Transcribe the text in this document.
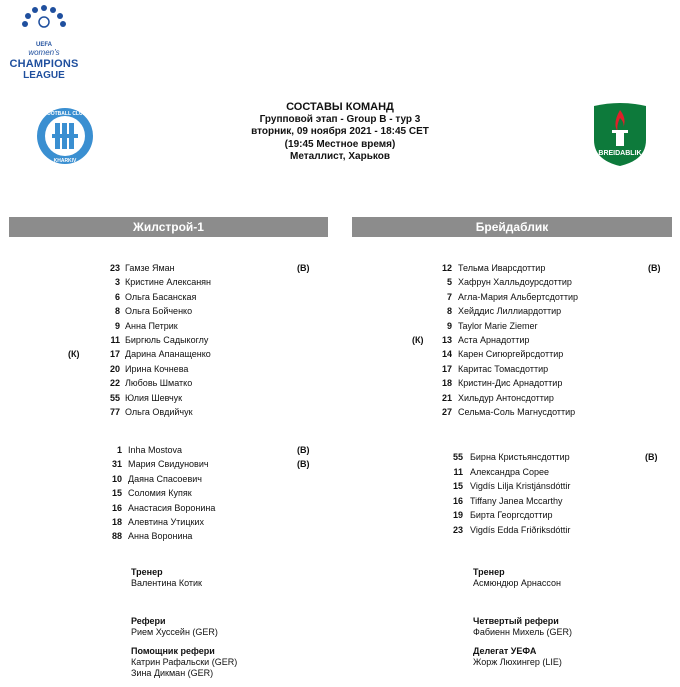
UEFA
women's
CHAMPIONS
LEAGUE
СОСТАВЫ КОМАНД
Групповой этап - Group B - тур 3
вторник, 09 ноября 2021 - 18:45 CET
(19:45 Местное время)
Металлист, Харьков
FOOTBALL CLUB
KHARKIV
BREIDABLIK
Жилстрой-1	Брейдаблик
23 Гамзе Яман	(В)
3 Кристине Алексанян
6 Ольга Басанская
8 Ольга Бойченко
9 Анна Петрик
11 Биргюль Садыкоглу
(К)	17 Дарина Апанащенко
20 Ирина Кочнева
22 Любовь Шматко
55 Юлия Шевчук
77 Ольга Овдийчук
1 Inha Mostova	(В)
31 Мария Свидунович	(В)
10 Даяна Спасоевич
15 Соломия Купяк
16 Анастасия Воронина
18 Алевтина Утицких
88 Анна Воронина
12 Тельма Иварсдоттир	(В)
5 Хафрун Халльдоурсдоттир
7 Агла-Мария Альбертсдоттир
8 Хейддис Лиллиардоттир
9 Taylor Marie Ziemer
(К)	13 Аста Арнадоттир
14 Карен Сигюргейрсдоттир
17 Каритас Томасдоттир
18 Кристин-Дис Арнадоттир
21 Хильдур Антонсдоттир
27 Сельма-Соль Магнусдоттир
55 Бирна Кристьянсдоттир	(В)
11 Александра Сорее
15 Vigdís Lilja Kristjánsdóttir
16 Tiffany Janea Mccarthy
19 Бирта Георгсдоттир
23 Vigdís Edda Friðriksdóttir
Тренер
Валентина Котик
Тренер
Асмюндюр Арнассон
Рефери
Рием Хуссейн (GER)
Помощник рефери
Катрин Рафальски (GER)
Зина Дикман (GER)
Четвертый рефери
Фабиенн Михель (GER)
Делегат УЕФА
Жорж Люхингер (LIE)
